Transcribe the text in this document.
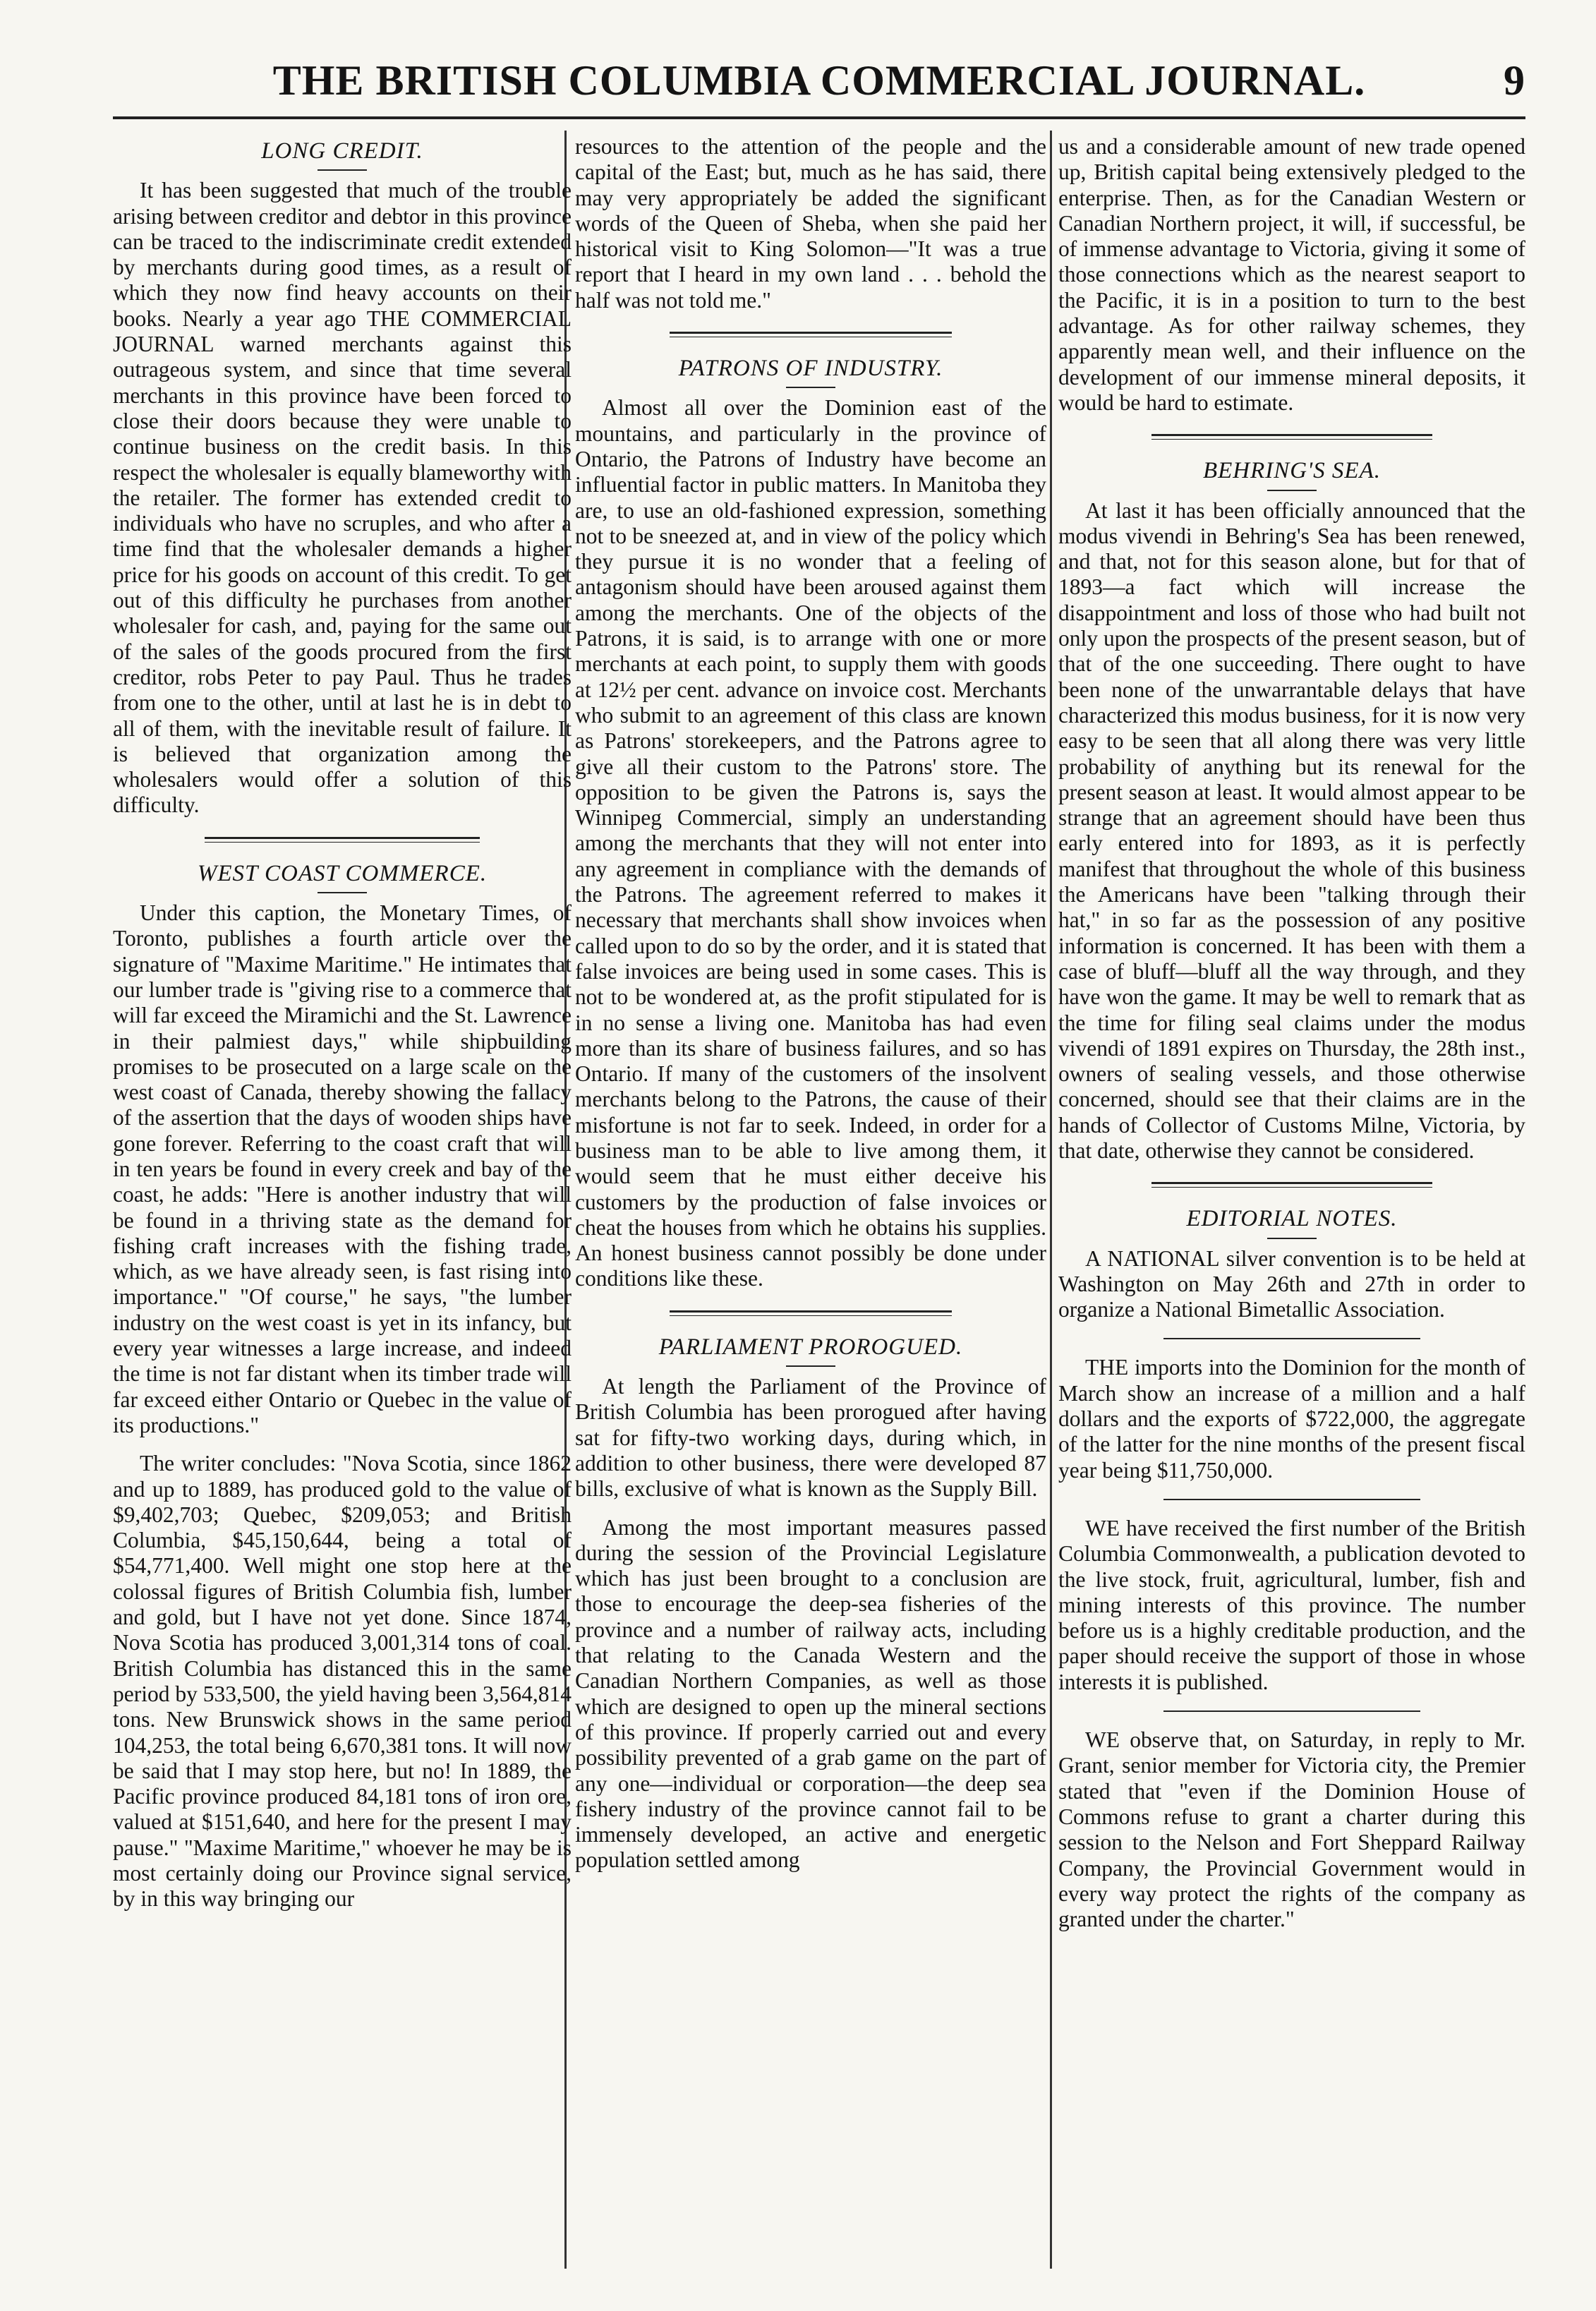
THE BRITISH COLUMBIA COMMERCIAL JOURNAL.	9
LONG CREDIT.

It has been suggested that much of the trouble arising between creditor and debtor in this province can be traced to the indiscriminate credit extended by merchants during good times, as a result of which they now find heavy accounts on their books. Nearly a year ago THE COMMERCIAL JOURNAL warned merchants against this outrageous system, and since that time several merchants in this province have been forced to close their doors because they were unable to continue business on the credit basis. In this respect the wholesaler is equally blameworthy with the retailer. The former has extended credit to individuals who have no scruples, and who after a time find that the wholesaler demands a higher price for his goods on account of this credit. To get out of this difficulty he purchases from another wholesaler for cash, and, paying for the same out of the sales of the goods procured from the first creditor, robs Peter to pay Paul. Thus he trades from one to the other, until at last he is in debt to all of them, with the inevitable result of failure. It is believed that organization among the wholesalers would offer a solution of this difficulty.

WEST COAST COMMERCE.

Under this caption, the Monetary Times, of Toronto, publishes a fourth article over the signature of "Maxime Maritime." He intimates that our lumber trade is "giving rise to a commerce that will far exceed the Miramichi and the St. Lawrence in their palmiest days," while shipbuilding promises to be prosecuted on a large scale on the west coast of Canada, thereby showing the fallacy of the assertion that the days of wooden ships have gone forever. Referring to the coast craft that will in ten years be found in every creek and bay of the coast, he adds: "Here is another industry that will be found in a thriving state as the demand for fishing craft increases with the fishing trade, which, as we have already seen, is fast rising into importance." "Of course," he says, "the lumber industry on the west coast is yet in its infancy, but every year witnesses a large increase, and indeed the time is not far distant when its timber trade will far exceed either Ontario or Quebec in the value of its productions."

The writer concludes: "Nova Scotia, since 1862 and up to 1889, has produced gold to the value of $9,402,703; Quebec, $209,053; and British Columbia, $45,150,644, being a total of $54,771,400. Well might one stop here at the colossal figures of British Columbia fish, lumber and gold, but I have not yet done. Since 1874, Nova Scotia has produced 3,001,314 tons of coal. British Columbia has distanced this in the same period by 533,500, the yield having been 3,564,814 tons. New Brunswick shows in the same period 104,253, the total being 6,670,381 tons. It will now be said that I may stop here, but no! In 1889, the Pacific province produced 84,181 tons of iron ore, valued at $151,640, and here for the present I may pause." "Maxime Maritime," whoever he may be is most certainly doing our Province signal service, by in this way bringing our

resources to the attention of the people and the capital of the East; but, much as he has said, there may very appropriately be added the significant words of the Queen of Sheba, when she paid her historical visit to King Solomon—"It was a true report that I heard in my own land . . . behold the half was not told me."

PATRONS OF INDUSTRY.

Almost all over the Dominion east of the mountains, and particularly in the province of Ontario, the Patrons of Industry have become an influential factor in public matters. In Manitoba they are, to use an old-fashioned expression, something not to be sneezed at, and in view of the policy which they pursue it is no wonder that a feeling of antagonism should have been aroused against them among the merchants. One of the objects of the Patrons, it is said, is to arrange with one or more merchants at each point, to supply them with goods at 12½ per cent. advance on invoice cost. Merchants who submit to an agreement of this class are known as Patrons' storekeepers, and the Patrons agree to give all their custom to the Patrons' store. The opposition to be given the Patrons is, says the Winnipeg Commercial, simply an understanding among the merchants that they will not enter into any agreement in compliance with the demands of the Patrons. The agreement referred to makes it necessary that merchants shall show invoices when called upon to do so by the order, and it is stated that false invoices are being used in some cases. This is not to be wondered at, as the profit stipulated for is in no sense a living one. Manitoba has had even more than its share of business failures, and so has Ontario. If many of the customers of the insolvent merchants belong to the Patrons, the cause of their misfortune is not far to seek. Indeed, in order for a business man to be able to live among them, it would seem that he must either deceive his customers by the production of false invoices or cheat the houses from which he obtains his supplies. An honest business cannot possibly be done under conditions like these.

PARLIAMENT PROROGUED.

At length the Parliament of the Province of British Columbia has been prorogued after having sat for fifty-two working days, during which, in addition to other business, there were developed 87 bills, exclusive of what is known as the Supply Bill.

Among the most important measures passed during the session of the Provincial Legislature which has just been brought to a conclusion are those to encourage the deep-sea fisheries of the province and a number of railway acts, including that relating to the Canada Western and the Canadian Northern Companies, as well as those which are designed to open up the mineral sections of this province. If properly carried out and every possibility prevented of a grab game on the part of any one—individual or corporation—the deep sea fishery industry of the province cannot fail to be immensely developed, an active and energetic population settled among

us and a considerable amount of new trade opened up, British capital being extensively pledged to the enterprise. Then, as for the Canadian Western or Canadian Northern project, it will, if successful, be of immense advantage to Victoria, giving it some of those connections which as the nearest seaport to the Pacific, it is in a position to turn to the best advantage. As for other railway schemes, they apparently mean well, and their influence on the development of our immense mineral deposits, it would be hard to estimate.

BEHRING'S SEA.

At last it has been officially announced that the modus vivendi in Behring's Sea has been renewed, and that, not for this season alone, but for that of 1893—a fact which will increase the disappointment and loss of those who had built not only upon the prospects of the present season, but of that of the one succeeding. There ought to have been none of the unwarrantable delays that have characterized this modus business, for it is now very easy to be seen that all along there was very little probability of anything but its renewal for the present season at least. It would almost appear to be strange that an agreement should have been thus early entered into for 1893, as it is perfectly manifest that throughout the whole of this business the Americans have been "talking through their hat," in so far as the possession of any positive information is concerned. It has been with them a case of bluff—bluff all the way through, and they have won the game. It may be well to remark that as the time for filing seal claims under the modus vivendi of 1891 expires on Thursday, the 28th inst., owners of sealing vessels, and those otherwise concerned, should see that their claims are in the hands of Collector of Customs Milne, Victoria, by that date, otherwise they cannot be considered.

EDITORIAL NOTES.

A NATIONAL silver convention is to be held at Washington on May 26th and 27th in order to organize a National Bimetallic Association.

THE imports into the Dominion for the month of March show an increase of a million and a half dollars and the exports of $722,000, the aggregate of the latter for the nine months of the present fiscal year being $11,750,000.

WE have received the first number of the British Columbia Commonwealth, a publication devoted to the live stock, fruit, agricultural, lumber, fish and mining interests of this province. The number before us is a highly creditable production, and the paper should receive the support of those in whose interests it is published.

WE observe that, on Saturday, in reply to Mr. Grant, senior member for Victoria city, the Premier stated that "even if the Dominion House of Commons refuse to grant a charter during this session to the Nelson and Fort Sheppard Railway Company, the Provincial Government would in every way protect the rights of the company as granted under the charter."
